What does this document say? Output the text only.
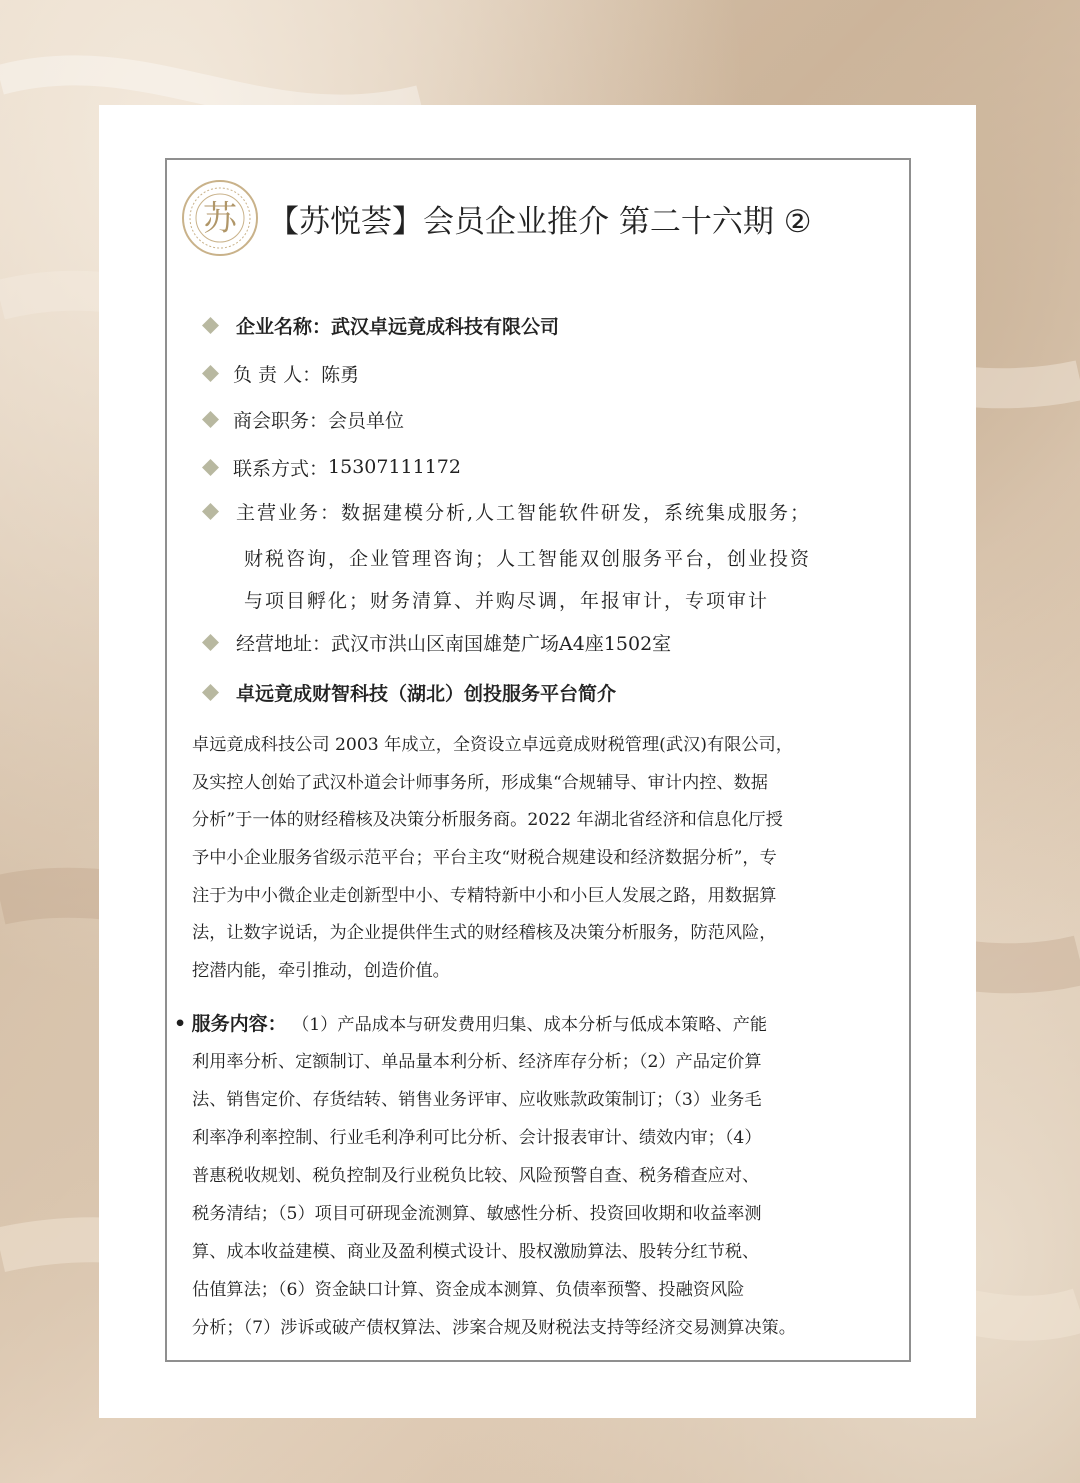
苏 【苏悦荟】会员企业推介 第二十六期 ②
企业名称： 武汉卓远竟成科技有限公司
负 责 人： 陈勇
商会职务： 会员单位
联系方式： 15307111172
主营业务： 数据建模分析,人工智能软件研发，系统集成服务；
财税咨询，企业管理咨询；人工智能双创服务平台，创业投资
与项目孵化；财务清算、并购尽调，年报审计，专项审计
经营地址： 武汉市洪山区南国雄楚广场A4座1502室
卓远竟成财智科技（湖北）创投服务平台简介
卓远竟成科技公司 2003 年成立，全资设立卓远竟成财税管理(武汉)有限公司，
及实控人创始了武汉朴道会计师事务所，形成集“合规辅导、审计内控、数据
分析”于一体的财经稽核及决策分析服务商。2022 年湖北省经济和信息化厅授
予中小企业服务省级示范平台；平台主攻“财税合规建设和经济数据分析”，专
注于为中小微企业走创新型中小、专精特新中小和小巨人发展之路，用数据算
法，让数字说话，为企业提供伴生式的财经稽核及决策分析服务，防范风险，
挖潜内能，牵引推动，创造价值。
• 服务内容： （1）产品成本与研发费用归集、成本分析与低成本策略、产能
利用率分析、定额制订、单品量本利分析、经济库存分析；（2）产品定价算
法、销售定价、存货结转、销售业务评审、应收账款政策制订；（3）业务毛
利率净利率控制、行业毛利净利可比分析、会计报表审计、绩效内审；（4）
普惠税收规划、税负控制及行业税负比较、风险预警自查、税务稽查应对、
税务清结；（5）项目可研现金流测算、敏感性分析、投资回收期和收益率测
算、成本收益建模、商业及盈利模式设计、股权激励算法、股转分红节税、
估值算法；（6）资金缺口计算、资金成本测算、负债率预警、投融资风险
分析；（7）涉诉或破产债权算法、涉案合规及财税法支持等经济交易测算决策。
